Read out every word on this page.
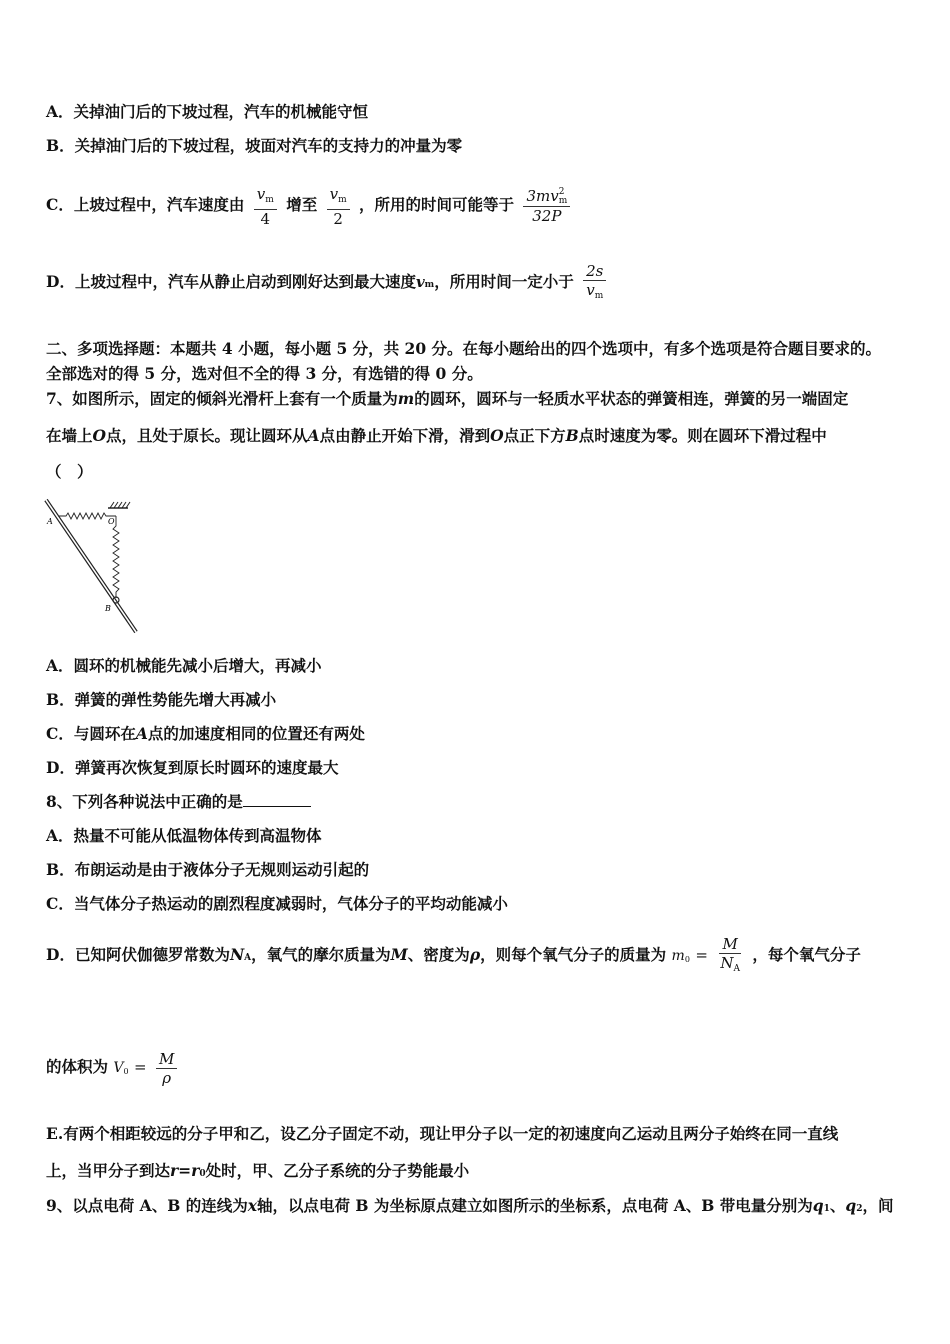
A．关掉油门后的下坡过程，汽车的机械能守恒
B．关掉油门后的下坡过程，坡面对汽车的支持力的冲量为零
C．上坡过程中，汽车速度由 $\frac{v_m}{4}$ 增至 $\frac{v_m}{2}$ ，所用的时间可能等于 3mv 2
m
32P
D．上坡过程中，汽车从静止启动到刚好达到最大速度vm，所用时间一定小于 $\frac{2s}{v_m}$
二、多项选择题：本题共 4 小题，每小题 5 分，共 20 分。在每小题给出的四个选项中，有多个选项是符合题目要求的。
全部选对的得 5 分，选对但不全的得 3 分，有选错的得 0 分。
7、如图所示，固定的倾斜光滑杆上套有一个质量为m的圆环，圆环与一轻质水平状态的弹簧相连，弹簧的另一端固定
在墙上O点，且处于原长。现让圆环从A点由静止开始下滑，滑到O点正下方B点时速度为零。则在圆环下滑过程中
（　）
A	O
B
A．圆环的机械能先减小后增大，再减小
B．弹簧的弹性势能先增大再减小
C．与圆环在A点的加速度相同的位置还有两处
D．弹簧再次恢复到原长时圆环的速度最大
8、下列各种说法中正确的是
A．热量不可能从低温物体传到高温物体
B．布朗运动是由于液体分子无规则运动引起的
C．当气体分子热运动的剧烈程度减弱时，气体分子的平均动能减小
D．已知阿伏伽德罗常数为NA，氧气的摩尔质量为M、密度为ρ，则每个氧气分子的质量为 $m0 = \frac{M}{N_A}$ ，每个氧气分子
的体积为 $V0 = \frac{M}{\rho}$
E.有两个相距较远的分子甲和乙，设乙分子固定不动，现让甲分子以一定的初速度向乙运动且两分子始终在同一直线
上，当甲分子到达r=r0处时，甲、乙分子系统的分子势能最小
9、以点电荷 A、B 的连线为x轴，以点电荷 B 为坐标原点建立如图所示的坐标系，点电荷 A、B 带电量分别为q1、q2，间
